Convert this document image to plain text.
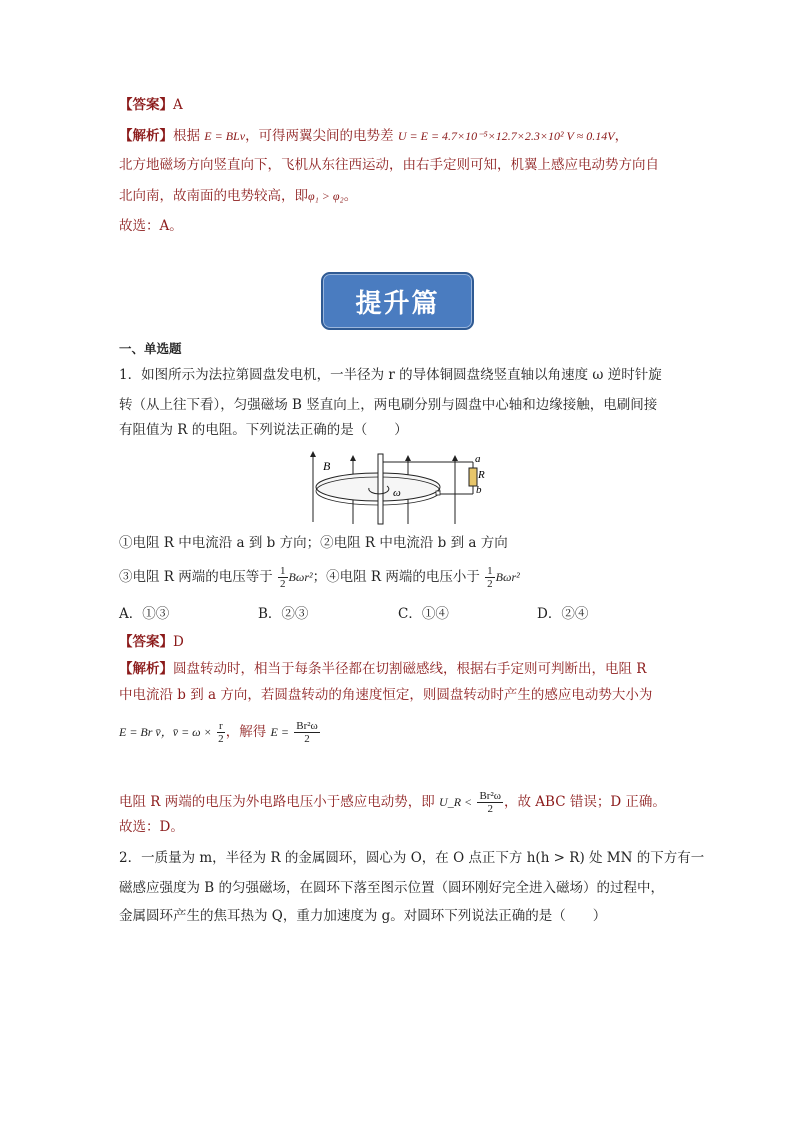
【答案】A
【解析】根据 E = BLv，可得两翼尖间的电势差 U = E = 4.7×10⁻⁵×12.7×2.3×10² V ≈ 0.14V，
北方地磁场方向竖直向下，飞机从东往西运动，由右手定则可知，机翼上感应电动势方向自
北向南，故南面的电势较高，即φ₁ > φ₂。
故选：A。
提升篇
一、单选题
1．如图所示为法拉第圆盘发电机，一半径为 r 的导体铜圆盘绕竖直轴以角速度 ω 逆时针旋
转（从上往下看），匀强磁场 B 竖直向上，两电刷分别与圆盘中心轴和边缘接触，电刷间接
有阻值为 R 的电阻。下列说法正确的是（　　）
B	a
R
b
ω
①电阻 R 中电流沿 a 到 b 方向；②电阻 R 中电流沿 b 到 a 方向
③电阻 R 两端的电压等于 $\frac{1}{2} B\omega r^2$；④电阻 R 两端的电压小于 $\frac{1}{2} B\omega r^2$
A．①③	B．②③	C．①④	D．②④
【答案】D
【解析】圆盘转动时，相当于每条半径都在切割磁感线，根据右手定则可判断出，电阻 R
中电流沿 b 到 a 方向，若圆盘转动的角速度恒定，则圆盘转动时产生的感应电动势大小为
E = Br v̄，v̄ = $\omega \times \frac{r}{2}$ ，解得 $E = \frac{\text{Br²ω}}{2}$
电阻 R 两端的电压为外电路电压小于感应电动势，即 U_R < $\frac{\text{Br²ω}}{2}$ ，故 ABC 错误；D 正确。
故选：D。
2．一质量为 m，半径为 R 的金属圆环，圆心为 O，在 O 点正下方 h(h > R) 处 MN 的下方有一
磁感应强度为 B 的匀强磁场，在圆环下落至图示位置（圆环刚好完全进入磁场）的过程中，
金属圆环产生的焦耳热为 Q，重力加速度为 g。对圆环下列说法正确的是（　　）
